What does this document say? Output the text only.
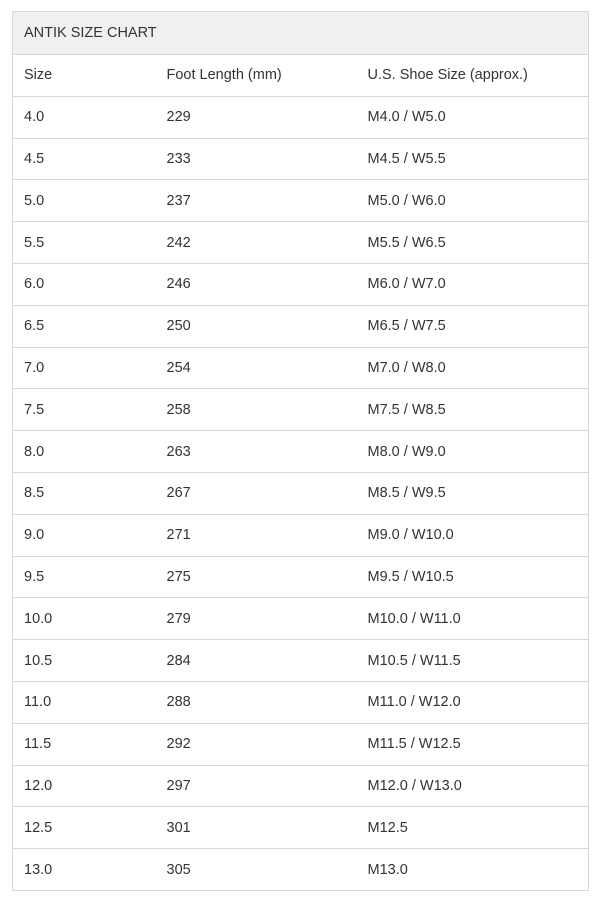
ANTIK SIZE CHART		
Size	Foot Length (mm)	U.S. Shoe Size (approx.)
4.0	229	M4.0 / W5.0
4.5	233	M4.5 / W5.5
5.0	237	M5.0 / W6.0
5.5	242	M5.5 / W6.5
6.0	246	M6.0 / W7.0
6.5	250	M6.5 / W7.5
7.0	254	M7.0 / W8.0
7.5	258	M7.5 / W8.5
8.0	263	M8.0 / W9.0
8.5	267	M8.5 / W9.5
9.0	271	M9.0 / W10.0
9.5	275	M9.5 / W10.5
10.0	279	M10.0 / W11.0
10.5	284	M10.5 / W11.5
11.0	288	M11.0 / W12.0
11.5	292	M11.5 / W12.5
12.0	297	M12.0 / W13.0
12.5	301	M12.5
13.0	305	M13.0
